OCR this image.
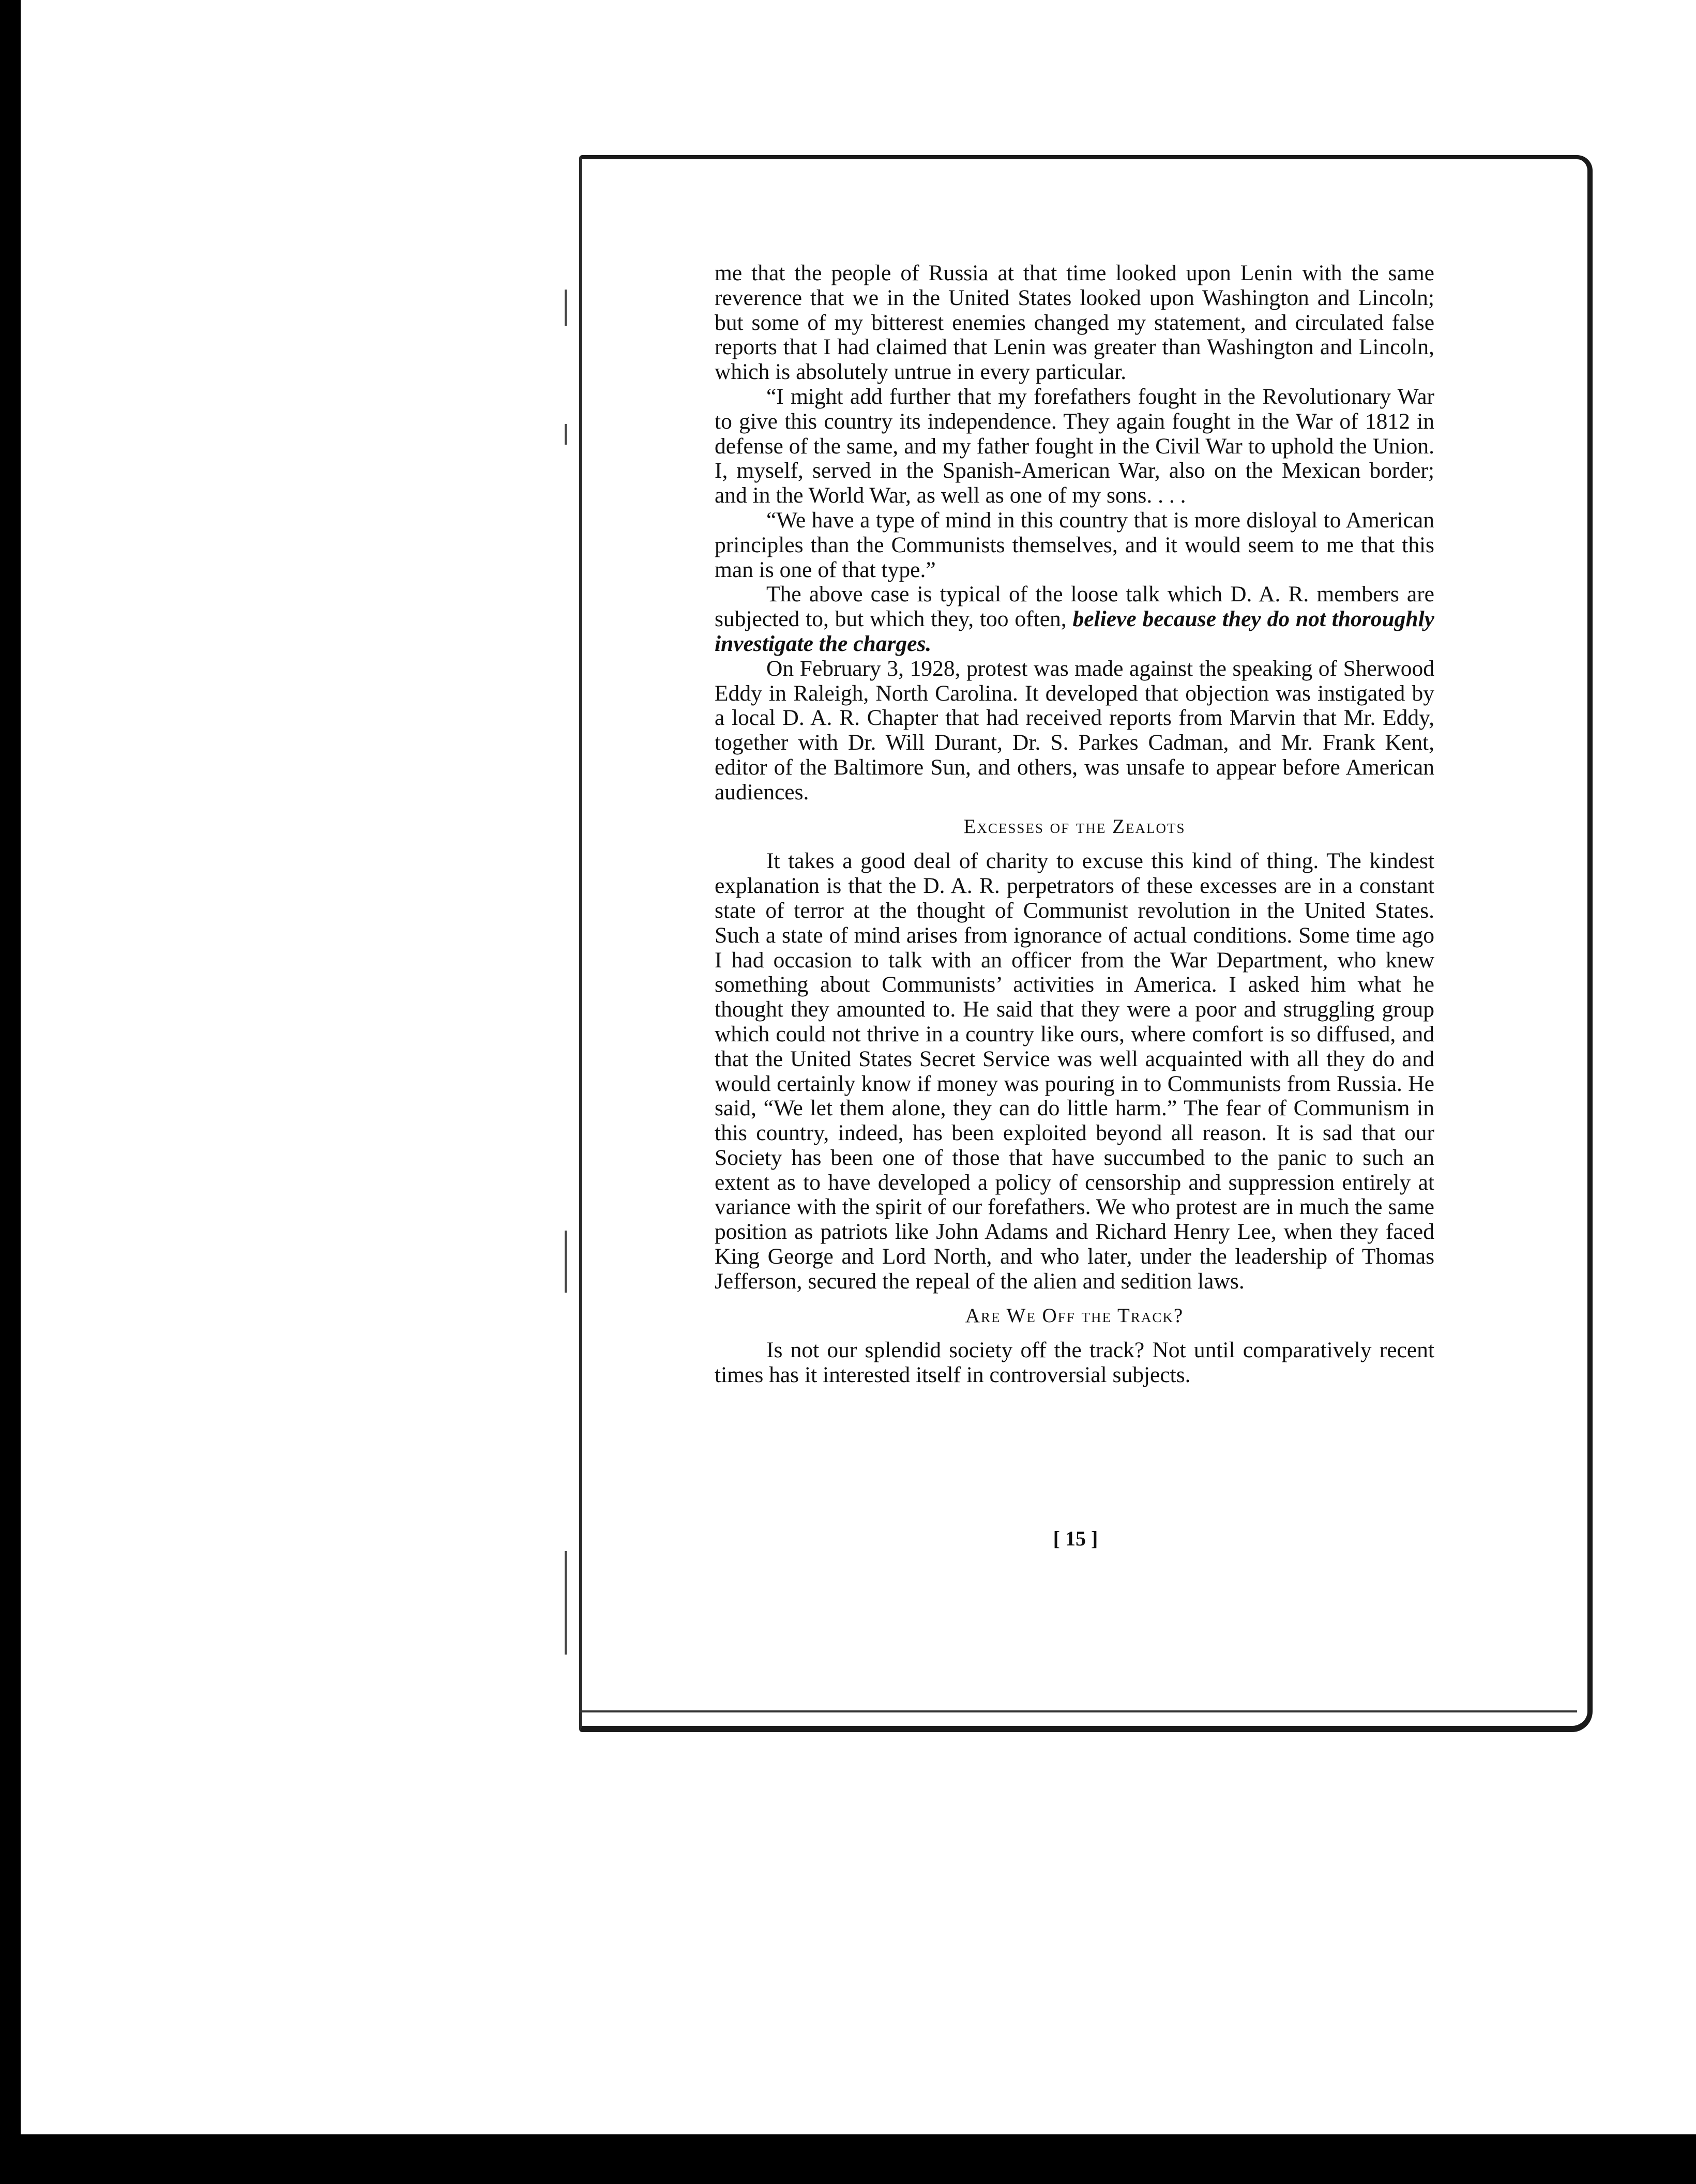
me that the people of Russia at that time looked upon Lenin with the same reverence that we in the United States looked upon Washington and Lincoln; but some of my bitterest enemies changed my statement, and circulated false reports that I had claimed that Lenin was greater than Washington and Lincoln, which is absolutely untrue in every particular.

“I might add further that my forefathers fought in the Revolutionary War to give this country its independence. They again fought in the War of 1812 in defense of the same, and my father fought in the Civil War to uphold the Union. I, myself, served in the Spanish-American War, also on the Mexican border; and in the World War, as well as one of my sons. . . .

“We have a type of mind in this country that is more disloyal to American principles than the Communists themselves, and it would seem to me that this man is one of that type.”

The above case is typical of the loose talk which D. A. R. members are subjected to, but which they, too often, believe because they do not thoroughly investigate the charges.

On February 3, 1928, protest was made against the speaking of Sherwood Eddy in Raleigh, North Carolina. It developed that objection was instigated by a local D. A. R. Chapter that had received reports from Marvin that Mr. Eddy, together with Dr. Will Durant, Dr. S. Parkes Cadman, and Mr. Frank Kent, editor of the Baltimore Sun, and others, was unsafe to appear before American audiences.

Excesses of the Zealots

It takes a good deal of charity to excuse this kind of thing. The kindest explanation is that the D. A. R. perpetrators of these excesses are in a constant state of terror at the thought of Communist revolution in the United States. Such a state of mind arises from ignorance of actual conditions. Some time ago I had occasion to talk with an officer from the War Department, who knew something about Communists’ activities in America. I asked him what he thought they amounted to. He said that they were a poor and struggling group which could not thrive in a country like ours, where comfort is so diffused, and that the United States Secret Service was well acquainted with all they do and would certainly know if money was pouring in to Communists from Russia. He said, “We let them alone, they can do little harm.” The fear of Communism in this country, indeed, has been exploited beyond all reason. It is sad that our Society has been one of those that have succumbed to the panic to such an extent as to have developed a policy of censorship and suppression entirely at variance with the spirit of our forefathers. We who protest are in much the same position as patriots like John Adams and Richard Henry Lee, when they faced King George and Lord North, and who later, under the leadership of Thomas Jefferson, secured the repeal of the alien and sedition laws.

Are We Off the Track?

Is not our splendid society off the track? Not until comparatively recent times has it interested itself in controversial subjects.

[ 15 ]
